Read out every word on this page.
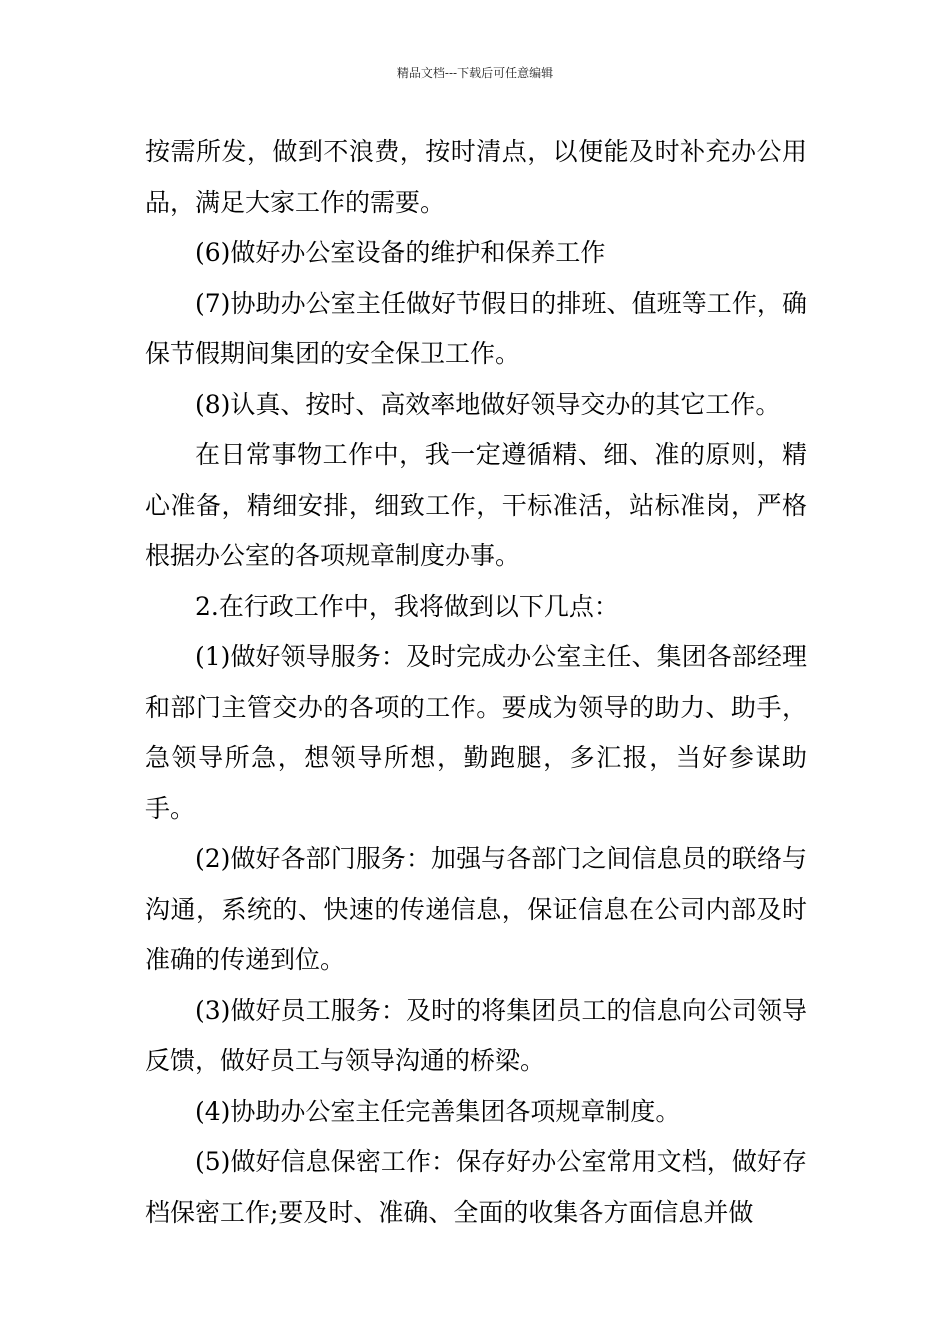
精品文档---下载后可任意编辑

按需所发，做到不浪费，按时清点，以便能及时补充办公用品，满足大家工作的需要。

(6)做好办公室设备的维护和保养工作

(7)协助办公室主任做好节假日的排班、值班等工作，确保节假期间集团的安全保卫工作。

(8)认真、按时、高效率地做好领导交办的其它工作。

在日常事物工作中，我一定遵循精、细、准的原则，精心准备，精细安排，细致工作，干标准活，站标准岗，严格根据办公室的各项规章制度办事。

2.在行政工作中，我将做到以下几点：

(1)做好领导服务：及时完成办公室主任、集团各部经理和部门主管交办的各项的工作。要成为领导的助力、助手，急领导所急，想领导所想，勤跑腿，多汇报，当好参谋助手。

(2)做好各部门服务：加强与各部门之间信息员的联络与沟通，系统的、快速的传递信息，保证信息在公司内部及时准确的传递到位。

(3)做好员工服务：及时的将集团员工的信息向公司领导反馈，做好员工与领导沟通的桥梁。

(4)协助办公室主任完善集团各项规章制度。

(5)做好信息保密工作：保存好办公室常用文档，做好存档保密工作;要及时、准确、全面的收集各方面信息并做
